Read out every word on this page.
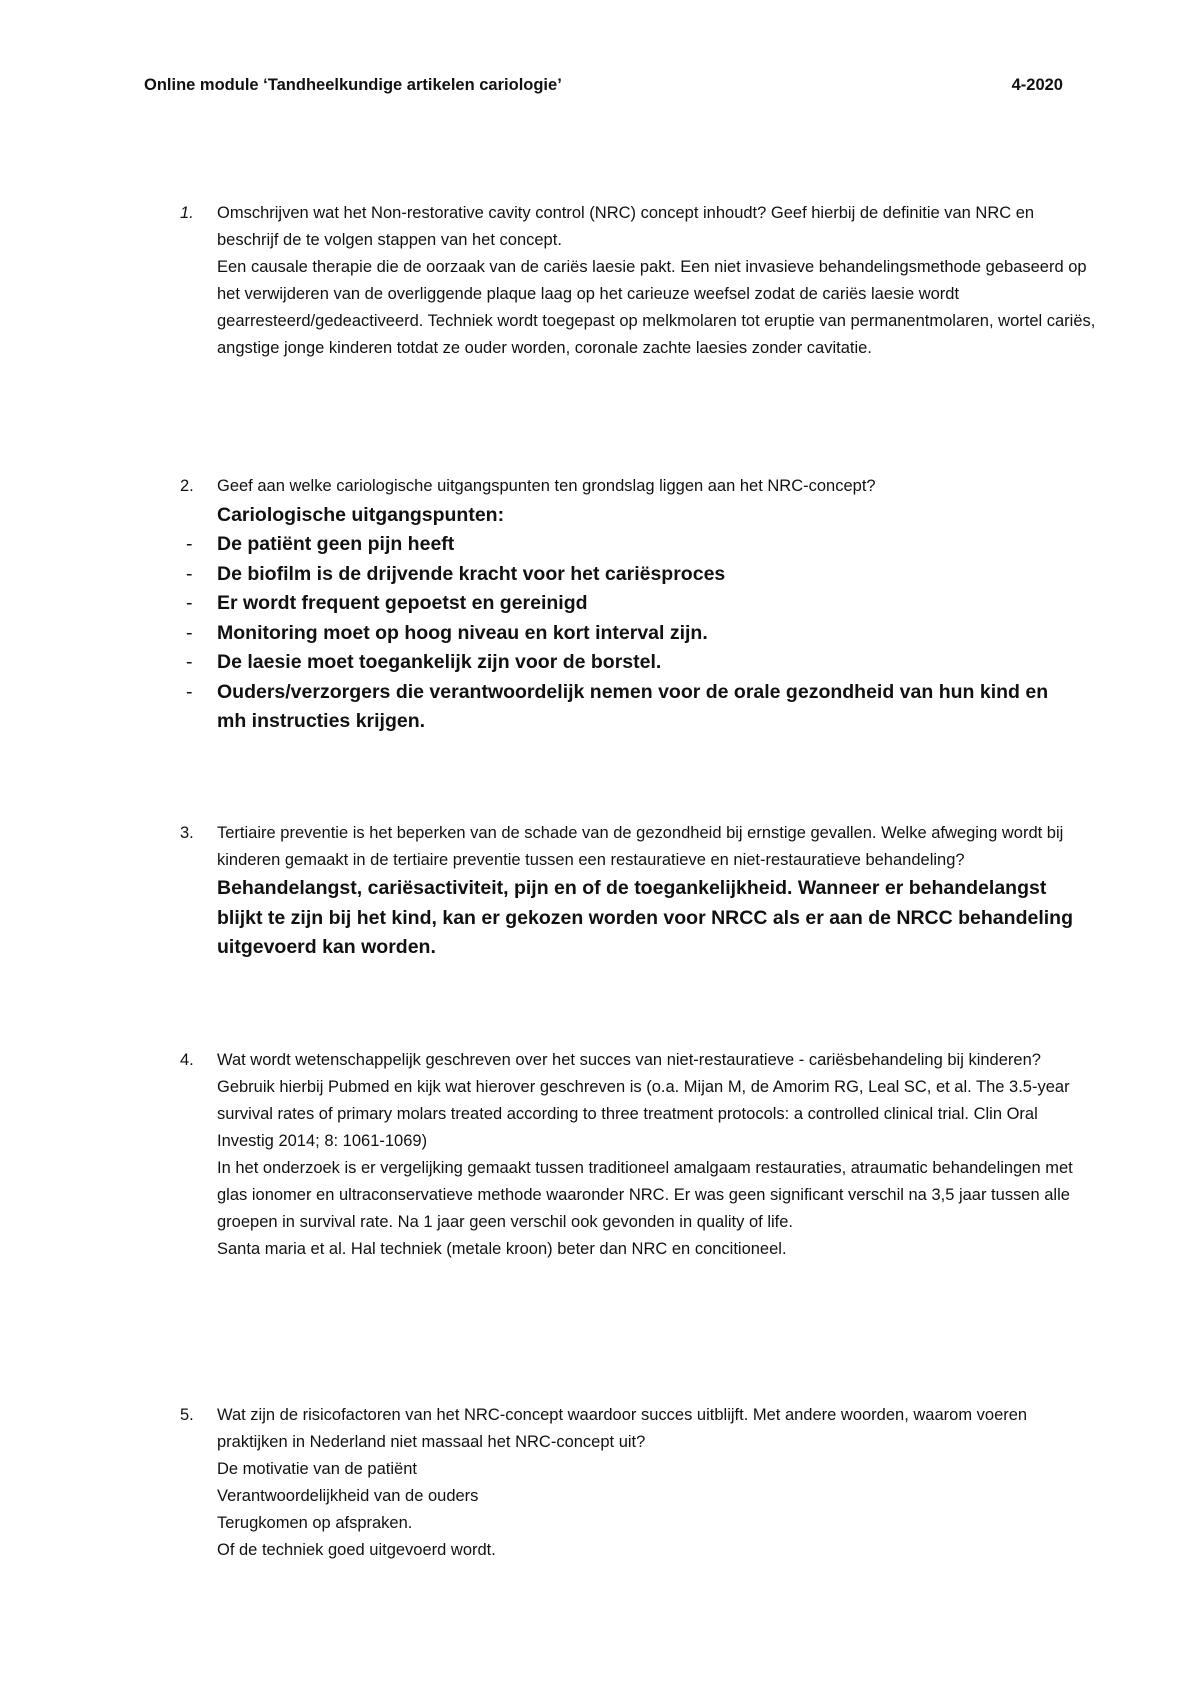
Online module ‘Tandheelkundige artikelen cariologie’	4-2020
1. Omschrijven wat het Non-restorative cavity control (NRC) concept inhoudt? Geef hierbij de definitie van NRC en beschrijf de te volgen stappen van het concept.
Een causale therapie die de oorzaak van de cariës laesie pakt. Een niet invasieve behandelingsmethode gebaseerd op het verwijderen van de overliggende plaque laag op het carieuze weefsel zodat de cariës laesie wordt gearresteerd/gedeactiveerd. Techniek wordt toegepast op melkmolaren tot eruptie van permanentmolaren, wortel cariës, angstige jonge kinderen totdat ze ouder worden, coronale zachte laesies zonder cavitatie.
2. Geef aan welke cariologische uitgangspunten ten grondslag liggen aan het NRC-concept?
Cariologische uitgangspunten:
- De patiënt geen pijn heeft
- De biofilm is de drijvende kracht voor het cariësproces
- Er wordt frequent gepoetst en gereinigd
- Monitoring moet op hoog niveau en kort interval zijn.
- De laesie moet toegankelijk zijn voor de borstel.
- Ouders/verzorgers die verantwoordelijk nemen voor de orale gezondheid van hun kind en mh instructies krijgen.
3. Tertiaire preventie is het beperken van de schade van de gezondheid bij ernstige gevallen. Welke afweging wordt bij kinderen gemaakt in de tertiaire preventie tussen een restauratieve en niet-restauratieve behandeling?
Behandelangst, cariësactiviteit, pijn en of de toegankelijkheid. Wanneer er behandelangst blijkt te zijn bij het kind, kan er gekozen worden voor NRCC als er aan de NRCC behandeling uitgevoerd kan worden.
4. Wat wordt wetenschappelijk geschreven over het succes van niet-restauratieve - cariësbehandeling bij kinderen? Gebruik hierbij Pubmed en kijk wat hierover geschreven is (o.a. Mijan M, de Amorim RG, Leal SC, et al. The 3.5-year survival rates of primary molars treated according to three treatment protocols: a controlled clinical trial. Clin Oral Investig 2014; 8: 1061-1069)
In het onderzoek is er vergelijking gemaakt tussen traditioneel amalgaam restauraties, atraumatic behandelingen met glas ionomer en ultraconservatieve methode waaronder NRC. Er was geen significant verschil na 3,5 jaar tussen alle groepen in survival rate. Na 1 jaar geen verschil ook gevonden in quality of life.
Santa maria et al. Hal techniek (metale kroon) beter dan NRC en concitioneel.
5. Wat zijn de risicofactoren van het NRC-concept waardoor succes uitblijft. Met andere woorden, waarom voeren praktijken in Nederland niet massaal het NRC-concept uit?
De motivatie van de patiënt
Verantwoordelijkheid van de ouders
Terugkomen op afspraken.
Of de techniek goed uitgevoerd wordt.
